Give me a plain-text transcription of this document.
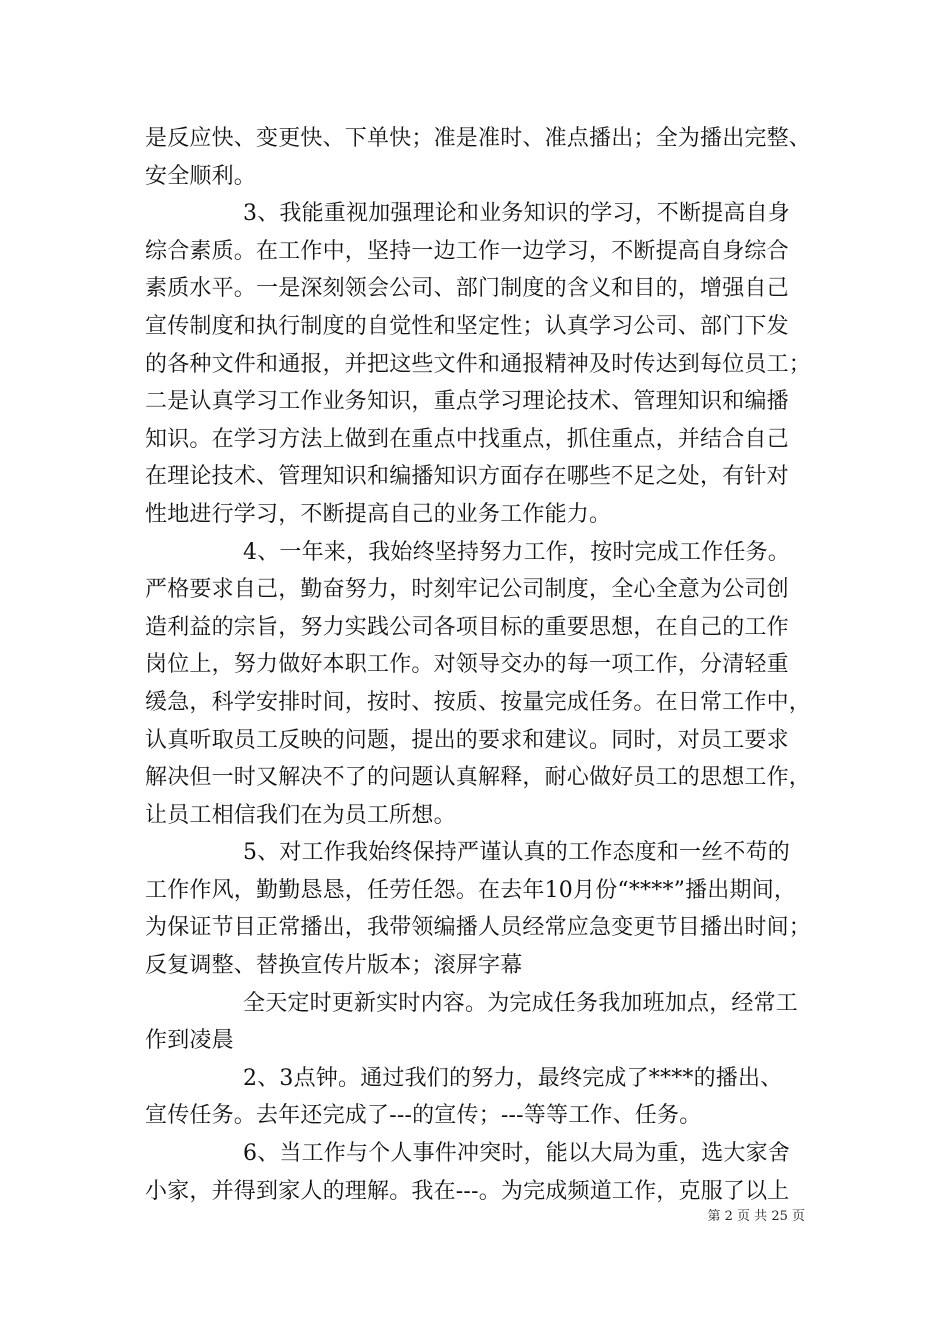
是反应快、变更快、下单快；准是准时、准点播出；全为播出完整、
安全顺利。
3、我能重视加强理论和业务知识的学习，不断提高自身
综合素质。在工作中，坚持一边工作一边学习，不断提高自身综合
素质水平。一是深刻领会公司、部门制度的含义和目的，增强自己
宣传制度和执行制度的自觉性和坚定性；认真学习公司、部门下发
的各种文件和通报，并把这些文件和通报精神及时传达到每位员工；
二是认真学习工作业务知识，重点学习理论技术、管理知识和编播
知识。在学习方法上做到在重点中找重点，抓住重点，并结合自己
在理论技术、管理知识和编播知识方面存在哪些不足之处，有针对
性地进行学习，不断提高自己的业务工作能力。
4、一年来，我始终坚持努力工作，按时完成工作任务。
严格要求自己，勤奋努力，时刻牢记公司制度，全心全意为公司创
造利益的宗旨，努力实践公司各项目标的重要思想，在自己的工作
岗位上，努力做好本职工作。对领导交办的每一项工作，分清轻重
缓急，科学安排时间，按时、按质、按量完成任务。在日常工作中，
认真听取员工反映的问题，提出的要求和建议。同时，对员工要求
解决但一时又解决不了的问题认真解释，耐心做好员工的思想工作，
让员工相信我们在为员工所想。
5、对工作我始终保持严谨认真的工作态度和一丝不苟的
工作作风，勤勤恳恳，任劳任怨。在去年10月份“****”播出期间，
为保证节目正常播出，我带领编播人员经常应急变更节目播出时间；
反复调整、替换宣传片版本；滚屏字幕
全天定时更新实时内容。为完成任务我加班加点，经常工
作到凌晨
2、3点钟。通过我们的努力，最终完成了****的播出、
宣传任务。去年还完成了---的宣传；---等等工作、任务。
6、当工作与个人事件冲突时，能以大局为重，选大家舍
小家，并得到家人的理解。我在---。为完成频道工作，克服了以上
第 2 页 共 25 页
